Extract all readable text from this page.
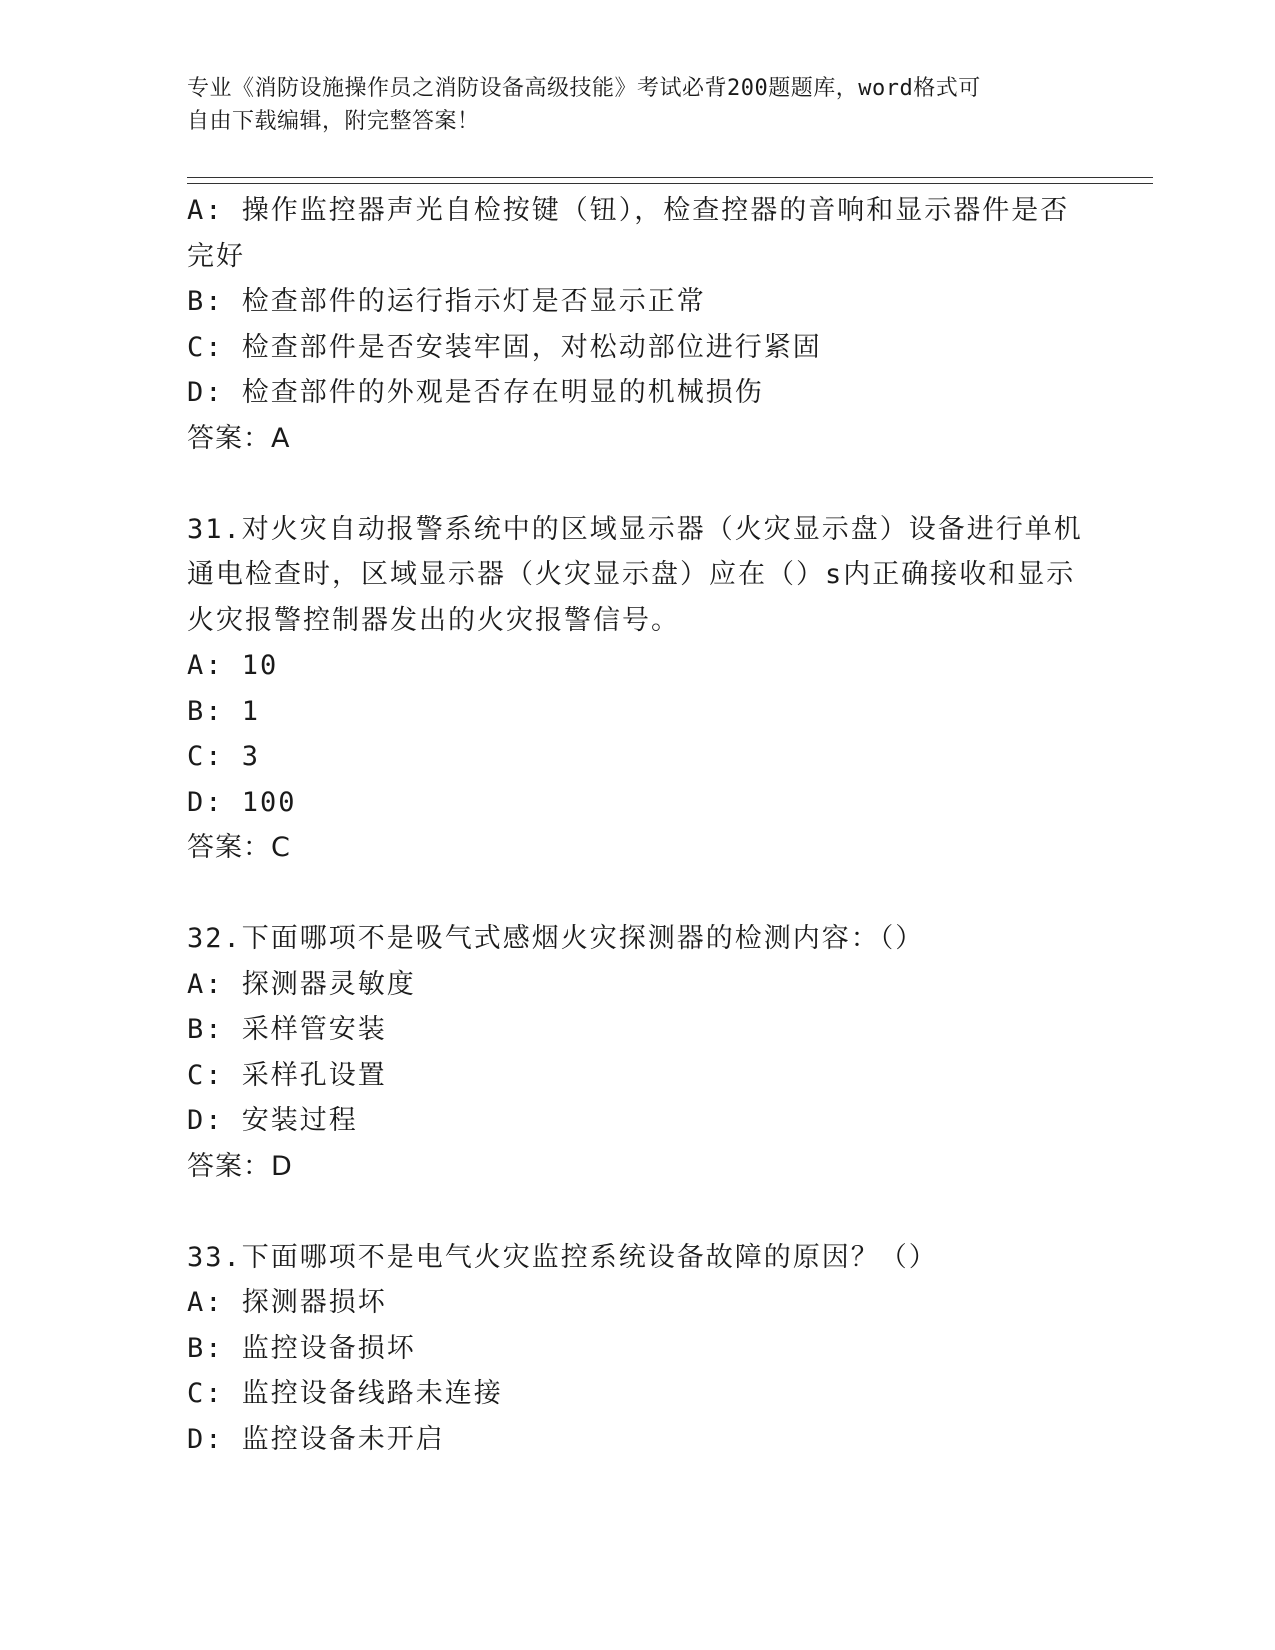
专业《消防设施操作员之消防设备高级技能》考试必背200题题库，word格式可
自由下载编辑，附完整答案！
A: 操作监控器声光自检按键（钮），检查控器的音响和显示器件是否
完好
B: 检查部件的运行指示灯是否显示正常
C: 检查部件是否安装牢固，对松动部位进行紧固
D: 检查部件的外观是否存在明显的机械损伤
答案：A
31.对火灾自动报警系统中的区域显示器（火灾显示盘）设备进行单机
通电检查时，区域显示器（火灾显示盘）应在（）s内正确接收和显示
火灾报警控制器发出的火灾报警信号。
A: 10
B: 1
C: 3
D: 100
答案：C
32.下面哪项不是吸气式感烟火灾探测器的检测内容：（）
A: 探测器灵敏度
B: 采样管安装
C: 采样孔设置
D: 安装过程
答案：D
33.下面哪项不是电气火灾监控系统设备故障的原因？（）
A: 探测器损坏
B: 监控设备损坏
C: 监控设备线路未连接
D: 监控设备未开启
